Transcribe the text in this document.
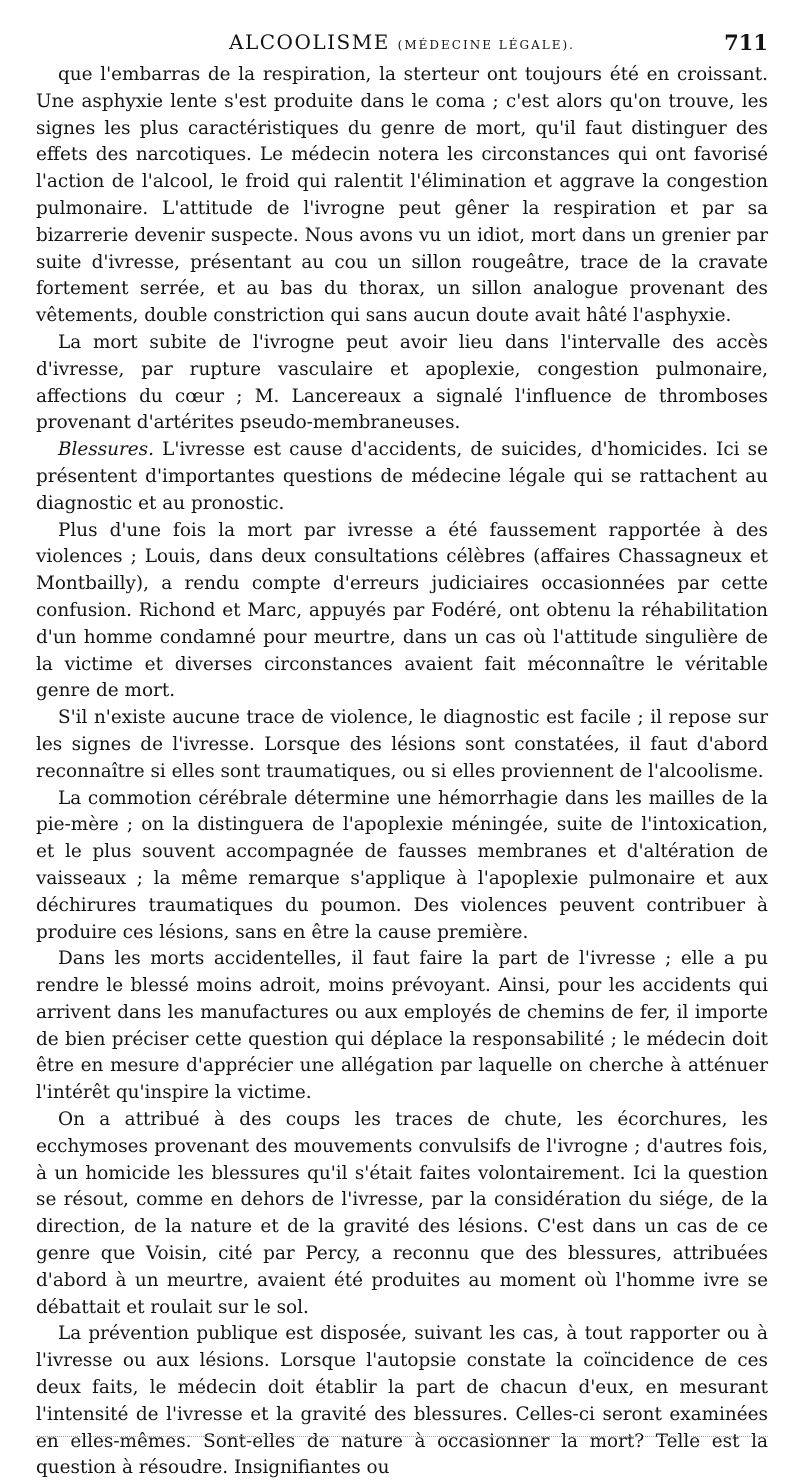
ALCOOLISME (MÉDECINE LÉGALE).	711

que l'embarras de la respiration, la sterteur ont toujours été en croissant. Une asphyxie lente s'est produite dans le coma ; c'est alors qu'on trouve, les signes les plus caractéristiques du genre de mort, qu'il faut distinguer des effets des narcotiques. Le médecin notera les circonstances qui ont favorisé l'action de l'alcool, le froid qui ralentit l'élimination et aggrave la congestion pulmonaire. L'attitude de l'ivrogne peut gêner la respiration et par sa bizarrerie devenir suspecte. Nous avons vu un idiot, mort dans un grenier par suite d'ivresse, présentant au cou un sillon rougeâtre, trace de la cravate fortement serrée, et au bas du thorax, un sillon analogue provenant des vêtements, double constriction qui sans aucun doute avait hâté l'asphyxie.

La mort subite de l'ivrogne peut avoir lieu dans l'intervalle des accès d'ivresse, par rupture vasculaire et apoplexie, congestion pulmonaire, affections du cœur ; M. Lancereaux a signalé l'influence de thromboses provenant d'artérites pseudo-membraneuses.

Blessures. L'ivresse est cause d'accidents, de suicides, d'homicides. Ici se présentent d'importantes questions de médecine légale qui se rattachent au diagnostic et au pronostic.

Plus d'une fois la mort par ivresse a été faussement rapportée à des violences ; Louis, dans deux consultations célèbres (affaires Chassagneux et Montbailly), a rendu compte d'erreurs judiciaires occasionnées par cette confusion. Richond et Marc, appuyés par Fodéré, ont obtenu la réhabilitation d'un homme condamné pour meurtre, dans un cas où l'attitude singulière de la victime et diverses circonstances avaient fait méconnaître le véritable genre de mort.

S'il n'existe aucune trace de violence, le diagnostic est facile ; il repose sur les signes de l'ivresse. Lorsque des lésions sont constatées, il faut d'abord reconnaître si elles sont traumatiques, ou si elles proviennent de l'alcoolisme.

La commotion cérébrale détermine une hémorrhagie dans les mailles de la pie-mère ; on la distinguera de l'apoplexie méningée, suite de l'intoxication, et le plus souvent accompagnée de fausses membranes et d'altération de vaisseaux ; la même remarque s'applique à l'apoplexie pulmonaire et aux déchirures traumatiques du poumon. Des violences peuvent contribuer à produire ces lésions, sans en être la cause première.

Dans les morts accidentelles, il faut faire la part de l'ivresse ; elle a pu rendre le blessé moins adroit, moins prévoyant. Ainsi, pour les accidents qui arrivent dans les manufactures ou aux employés de chemins de fer, il importe de bien préciser cette question qui déplace la responsabilité ; le médecin doit être en mesure d'apprécier une allégation par laquelle on cherche à atténuer l'intérêt qu'inspire la victime.

On a attribué à des coups les traces de chute, les écorchures, les ecchymoses provenant des mouvements convulsifs de l'ivrogne ; d'autres fois, à un homicide les blessures qu'il s'était faites volontairement. Ici la question se résout, comme en dehors de l'ivresse, par la considération du siége, de la direction, de la nature et de la gravité des lésions. C'est dans un cas de ce genre que Voisin, cité par Percy, a reconnu que des blessures, attribuées d'abord à un meurtre, avaient été produites au moment où l'homme ivre se débattait et roulait sur le sol.

La prévention publique est disposée, suivant les cas, à tout rapporter ou à l'ivresse ou aux lésions. Lorsque l'autopsie constate la coïncidence de ces deux faits, le médecin doit établir la part de chacun d'eux, en mesurant l'intensité de l'ivresse et la gravité des blessures. Celles-ci seront examinées en elles-mêmes. Sont-elles de nature à occasionner la mort? Telle est la question à résoudre. Insignifiantes ou
